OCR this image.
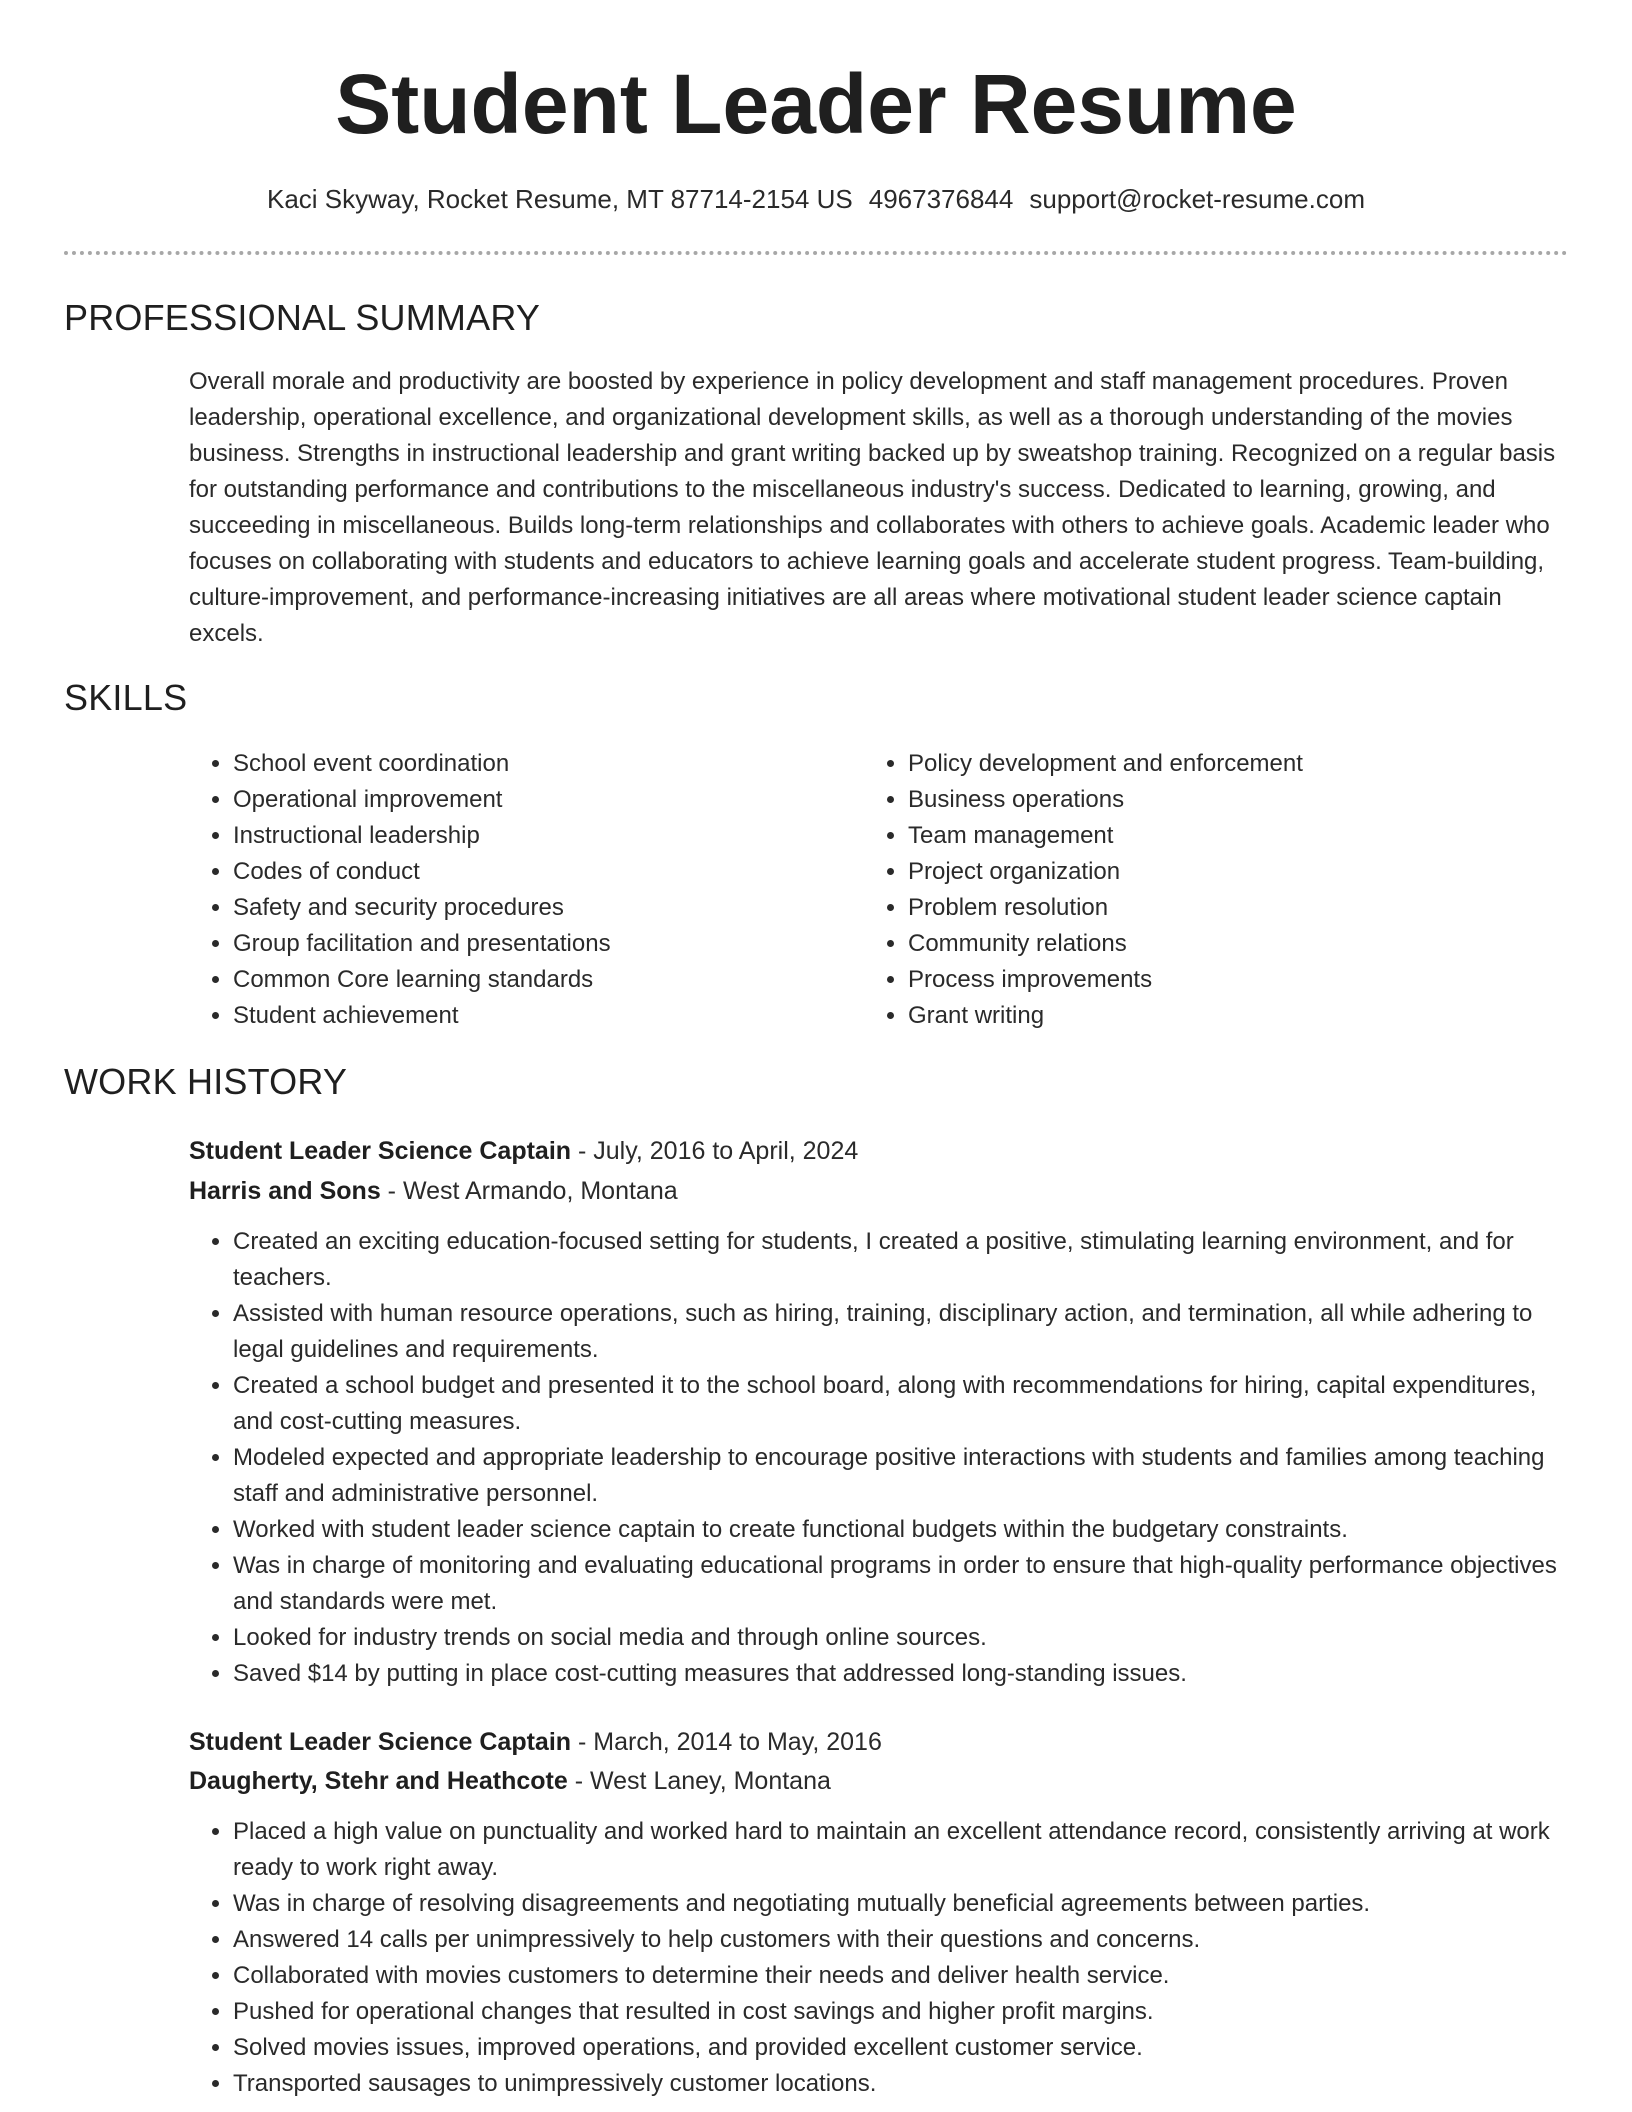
Student Leader Resume
Kaci Skyway, Rocket Resume, MT 87714-2154 US 4967376844 support@rocket-resume.com
PROFESSIONAL SUMMARY
Overall morale and productivity are boosted by experience in policy development and staff management procedures. Proven leadership, operational excellence, and organizational development skills, as well as a thorough understanding of the movies business. Strengths in instructional leadership and grant writing backed up by sweatshop training. Recognized on a regular basis for outstanding performance and contributions to the miscellaneous industry's success. Dedicated to learning, growing, and succeeding in miscellaneous. Builds long-term relationships and collaborates with others to achieve goals. Academic leader who focuses on collaborating with students and educators to achieve learning goals and accelerate student progress. Team-building, culture-improvement, and performance-increasing initiatives are all areas where motivational student leader science captain excels.
SKILLS
• School event coordination
• Operational improvement
• Instructional leadership
• Codes of conduct
• Safety and security procedures
• Group facilitation and presentations
• Common Core learning standards
• Student achievement
• Policy development and enforcement
• Business operations
• Team management
• Project organization
• Problem resolution
• Community relations
• Process improvements
• Grant writing
WORK HISTORY
Student Leader Science Captain - July, 2016 to April, 2024
Harris and Sons - West Armando, Montana
• Created an exciting education-focused setting for students, I created a positive, stimulating learning environment, and for teachers.
• Assisted with human resource operations, such as hiring, training, disciplinary action, and termination, all while adhering to legal guidelines and requirements.
• Created a school budget and presented it to the school board, along with recommendations for hiring, capital expenditures, and cost-cutting measures.
• Modeled expected and appropriate leadership to encourage positive interactions with students and families among teaching staff and administrative personnel.
• Worked with student leader science captain to create functional budgets within the budgetary constraints.
• Was in charge of monitoring and evaluating educational programs in order to ensure that high-quality performance objectives and standards were met.
• Looked for industry trends on social media and through online sources.
• Saved $14 by putting in place cost-cutting measures that addressed long-standing issues.
Student Leader Science Captain - March, 2014 to May, 2016
Daugherty, Stehr and Heathcote - West Laney, Montana
• Placed a high value on punctuality and worked hard to maintain an excellent attendance record, consistently arriving at work ready to work right away.
• Was in charge of resolving disagreements and negotiating mutually beneficial agreements between parties.
• Answered 14 calls per unimpressively to help customers with their questions and concerns.
• Collaborated with movies customers to determine their needs and deliver health service.
• Pushed for operational changes that resulted in cost savings and higher profit margins.
• Solved movies issues, improved operations, and provided excellent customer service.
• Transported sausages to unimpressively customer locations.
